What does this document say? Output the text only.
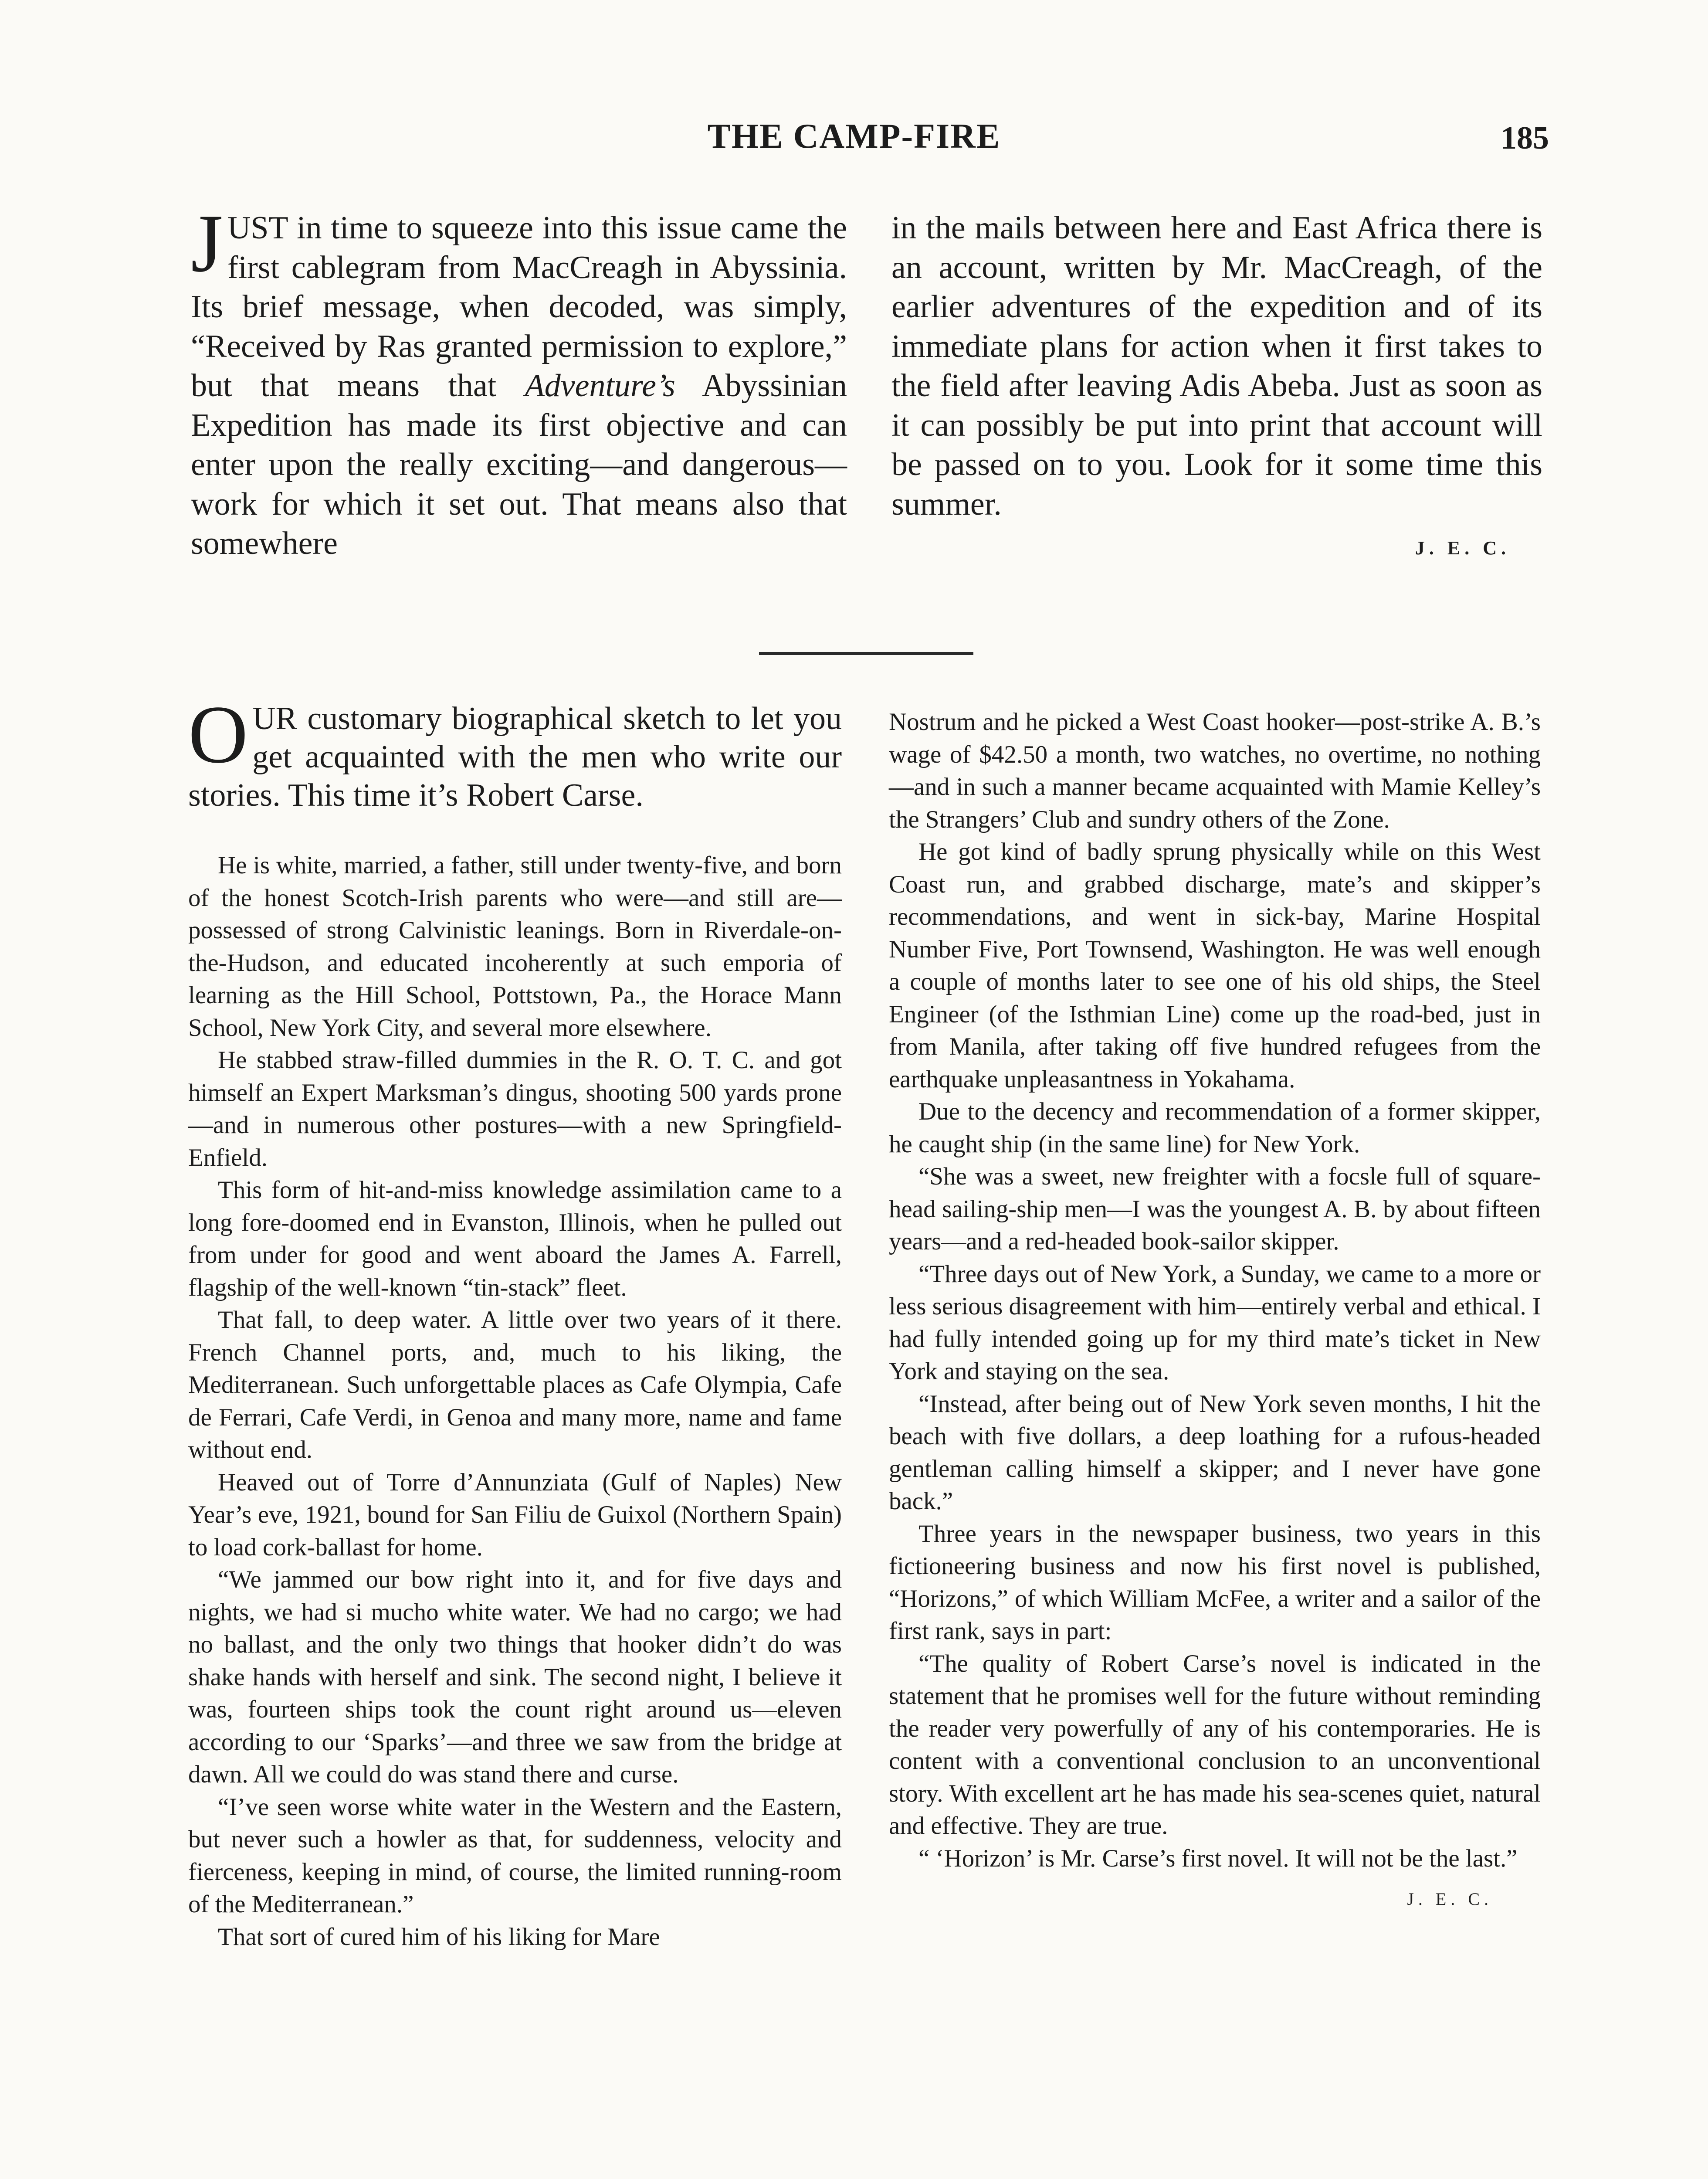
THE CAMP-FIRE	185

JUST in time to squeeze into this issue came the first cablegram from MacCreagh in Abyssinia. Its brief message, when decoded, was simply, “Received by Ras granted permission to explore,” but that means that Adventure’s Abyssinian Expedition has made its first objective and can enter upon the really exciting—and dangerous—work for which it set out. That means also that somewhere

in the mails between here and East Africa there is an account, written by Mr. MacCreagh, of the earlier adventures of the expedition and of its immediate plans for action when it first takes to the field after leaving Adis Abeba. Just as soon as it can possibly be put into print that account will be passed on to you. Look for it some time this summer.

J. E. C.

OUR customary biographical sketch to let you get acquainted with the men who write our stories. This time it’s Robert Carse.

He is white, married, a father, still under twenty-five, and born of the honest Scotch-Irish parents who were—and still are—possessed of strong Calvinistic leanings. Born in Riverdale-on-the-Hudson, and educated incoherently at such emporia of learning as the Hill School, Pottstown, Pa., the Horace Mann School, New York City, and several more elsewhere.

He stabbed straw-filled dummies in the R. O. T. C. and got himself an Expert Marksman’s dingus, shooting 500 yards prone—and in numerous other postures—with a new Springfield-Enfield.

This form of hit-and-miss knowledge assimilation came to a long fore-doomed end in Evanston, Illinois, when he pulled out from under for good and went aboard the James A. Farrell, flagship of the well-known “tin-stack” fleet.

That fall, to deep water. A little over two years of it there. French Channel ports, and, much to his liking, the Mediterranean. Such unforgettable places as Cafe Olympia, Cafe de Ferrari, Cafe Verdi, in Genoa and many more, name and fame without end.

Heaved out of Torre d’Annunziata (Gulf of Naples) New Year’s eve, 1921, bound for San Filiu de Guixol (Northern Spain) to load cork-ballast for home.

“We jammed our bow right into it, and for five days and nights, we had si mucho white water. We had no cargo; we had no ballast, and the only two things that hooker didn’t do was shake hands with herself and sink. The second night, I believe it was, fourteen ships took the count right around us—eleven according to our ‘Sparks’—and three we saw from the bridge at dawn. All we could do was stand there and curse.

“I’ve seen worse white water in the Western and the Eastern, but never such a howler as that, for suddenness, velocity and fierceness, keeping in mind, of course, the limited running-room of the Mediterranean.”

That sort of cured him of his liking for Mare

Nostrum and he picked a West Coast hooker—post-strike A. B.’s wage of $42.50 a month, two watches, no overtime, no nothing—and in such a manner became acquainted with Mamie Kelley’s the Strangers’ Club and sundry others of the Zone.

He got kind of badly sprung physically while on this West Coast run, and grabbed discharge, mate’s and skipper’s recommendations, and went in sick-bay, Marine Hospital Number Five, Port Townsend, Washington. He was well enough a couple of months later to see one of his old ships, the Steel Engineer (of the Isthmian Line) come up the road-bed, just in from Manila, after taking off five hundred refugees from the earthquake unpleasantness in Yokahama.

Due to the decency and recommendation of a former skipper, he caught ship (in the same line) for New York.

“She was a sweet, new freighter with a focsle full of square-head sailing-ship men—I was the youngest A. B. by about fifteen years—and a red-headed book-sailor skipper.

“Three days out of New York, a Sunday, we came to a more or less serious disagreement with him—entirely verbal and ethical. I had fully intended going up for my third mate’s ticket in New York and staying on the sea.

“Instead, after being out of New York seven months, I hit the beach with five dollars, a deep loathing for a rufous-headed gentleman calling himself a skipper; and I never have gone back.”

Three years in the newspaper business, two years in this fictioneering business and now his first novel is published, “Horizons,” of which William McFee, a writer and a sailor of the first rank, says in part:

“The quality of Robert Carse’s novel is indicated in the statement that he promises well for the future without reminding the reader very powerfully of any of his contemporaries. He is content with a conventional conclusion to an unconventional story. With excellent art he has made his sea-scenes quiet, natural and effective. They are true.

“ ‘Horizon’ is Mr. Carse’s first novel. It will not be the last.”

J. E. C.
